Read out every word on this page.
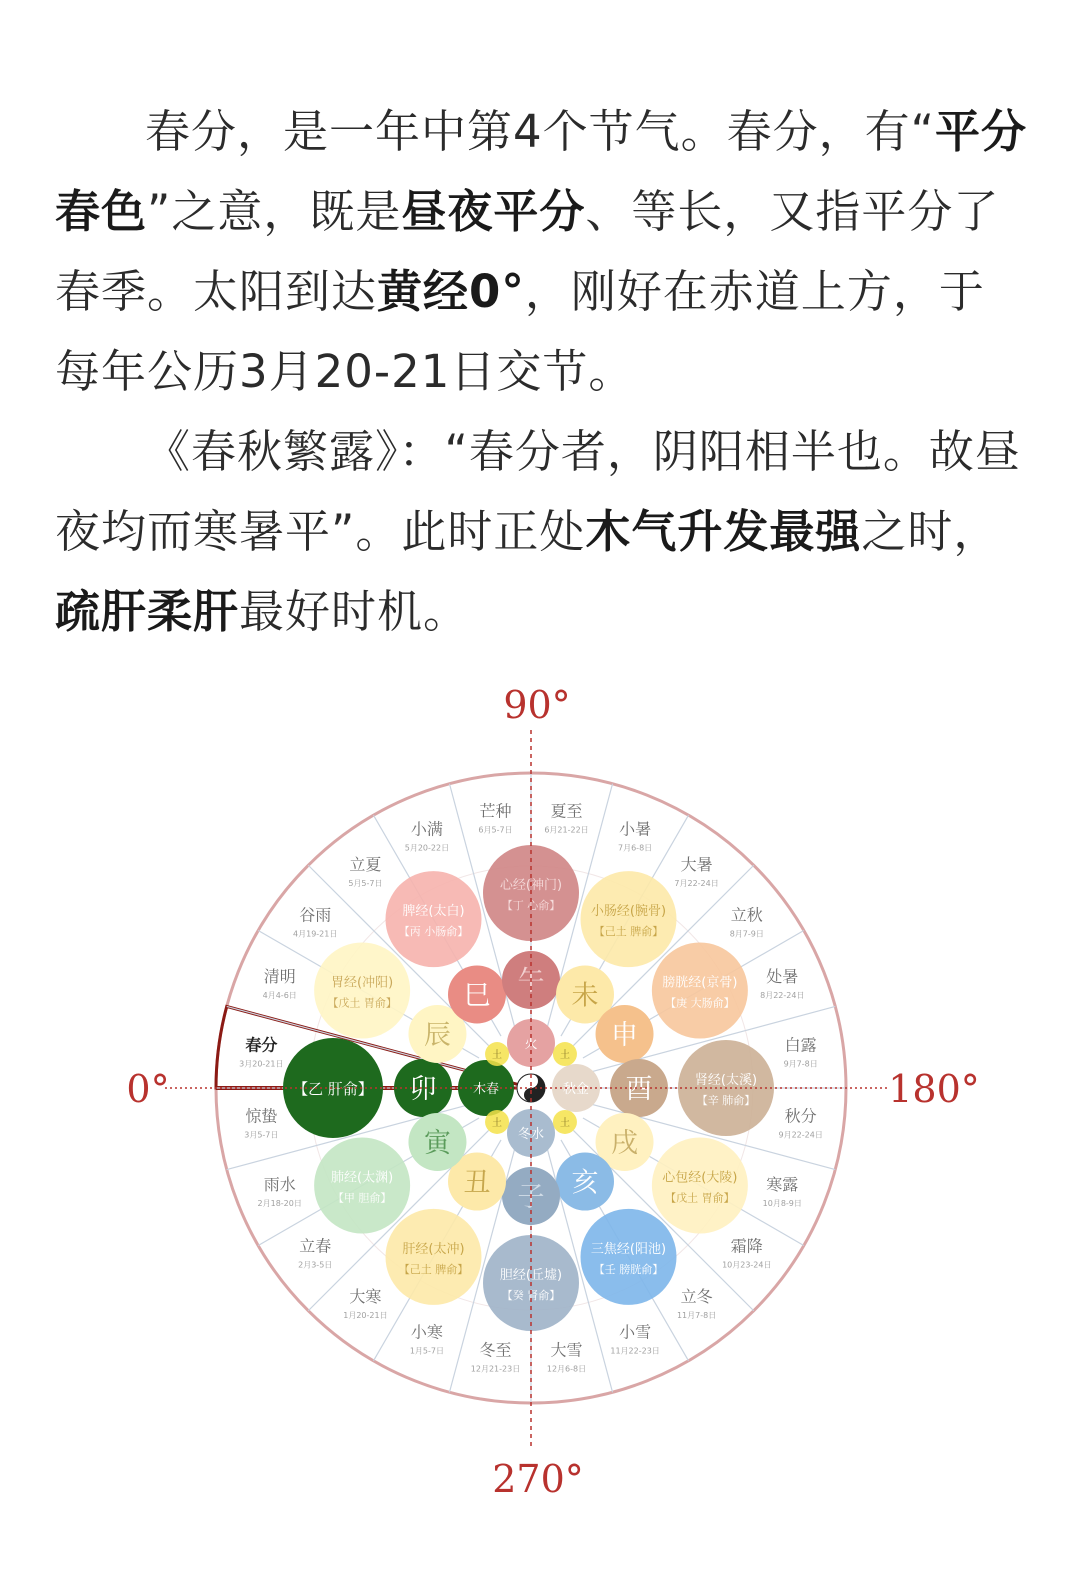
春分，是一年中第4个节气。春分，有“平分春色”之意，既是昼夜平分、等长，又指平分了春季。太阳到达黄经0°，刚好在赤道上方，于每年公历3月20-21日交节。

《春秋繁露》：“春分者，阴阳相半也。故昼夜均而寒暑平”。此时正处木气升发最强之时，疏肝柔肝最好时机。

春分
3月20-21日
清明
4月4-6日
谷雨
4月19-21日
立夏
5月5-7日
小满
5月20-22日
芒种
6月5-7日
夏至
6月21-22日 小暑
7月6-8日
大暑
7月22-24日
立秋
8月7-9日
处暑
8月22-24日
白露
9月7-8日
秋分
9月22-24日
寒露
10月8-9日
霜降
10月23-24日
立冬
11月7-8日
小雪
11月22-23日
大雪
12月6-8日
冬至
12月21-23日
小寒
1月5-7日
大寒
1月20-21日
立春
2月3-5日
雨水
2月18-20日
惊蛰
3月5-7日
【乙 肝俞】
胃经(冲阳)
【戊土 胃俞】
脾经(太白)
【丙 小肠俞】
心经(神门)
【丁 心俞】 小肠经(腕骨)
【己土 脾俞】
膀胱经(京骨)
【庚 大肠俞】
肾经(太溪)
【辛 肺俞】
心包经(大陵)
【戊土 胃俞】
三焦经(阳池)
【壬 膀胱俞】
胆经(丘墟)
【癸 肾俞】
肝经(太冲)
【己土 脾俞】
肺经(太渊)
【甲 胆俞】
卯
辰
巳 午 未
申
酉
戌
亥
子
丑
寅
木春
火
秋金
冬水
土	土
土
土
0°
90°
180°
270°
